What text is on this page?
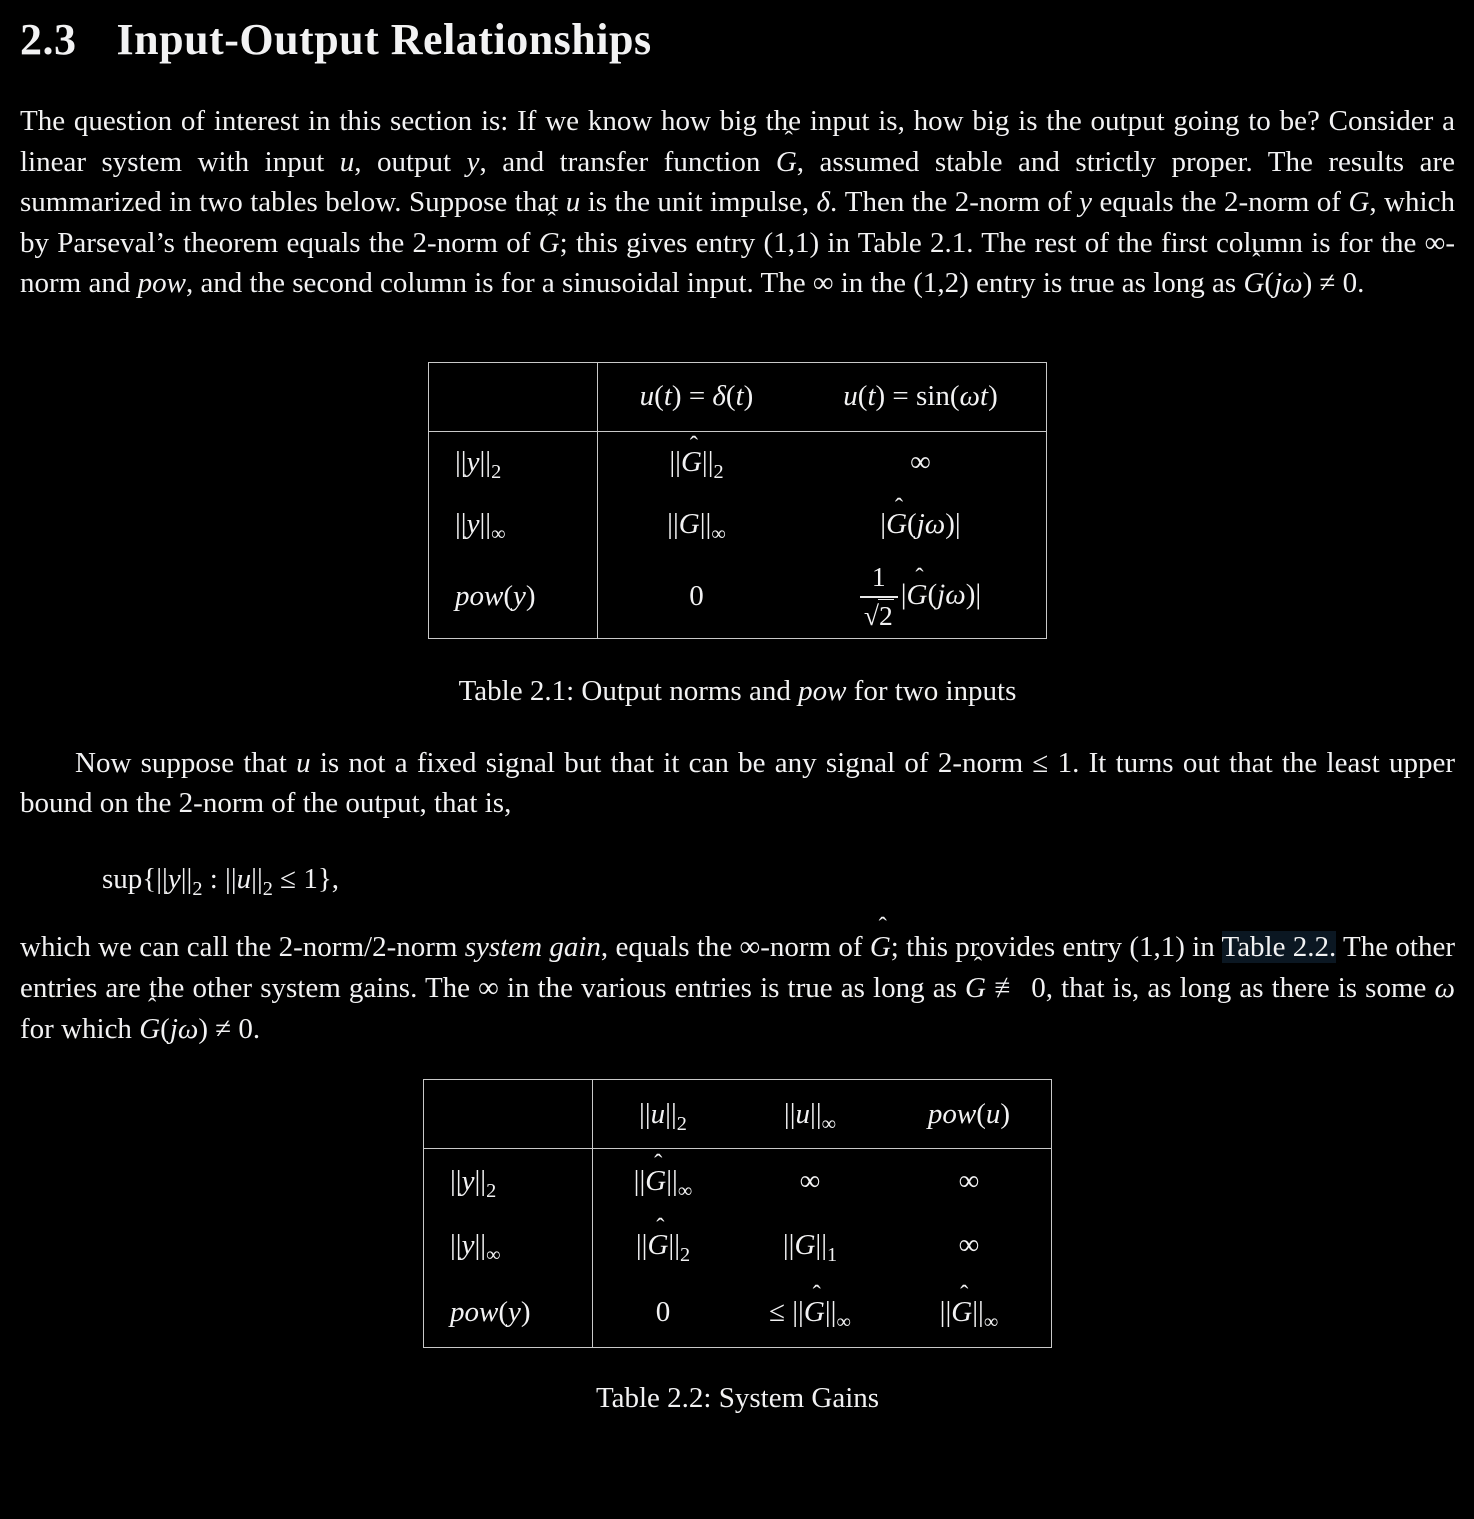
2.3 Input-Output Relationships

The question of interest in this section is: If we know how big the input is, how big is the output going to be? Consider a linear system with input u, output y, and transfer function ˆ G, assumed stable and strictly proper. The results are summarized in two tables below. Suppose that u is the unit impulse, δ. Then the 2-norm of y equals the 2-norm of G, which by Parseval’s theorem equals the 2-norm of ˆ G; this gives entry (1,1) in Table 2.1. The rest of the first column is for the ∞-norm and pow, and the second column is for a sinusoidal input. The ∞ in the (1,2) entry is true as long as ˆ G(jω) ≠ 0.

	u(t) = δ(t)	u(t) = sin(ωt)
$||y||_2$	||ˆ $G||_2$	∞
$||y||_\infty$	$||G||_\infty$	|ˆ G(jω)|
pow(y)	0	$\frac{1}{√2}$ |ˆ G(jω)|
Table 2.1: Output norms and pow for two inputs

Now suppose that u is not a fixed signal but that it can be any signal of 2-norm ≤ 1. It turns out that the least upper bound on the 2-norm of the output, that is,

$sup\{||y||_2$ : $||u||_2 \le 1$},

which we can call the 2-norm/2-norm system gain, equals the ∞-norm of ˆ G; this provides entry (1,1) in Table 2.2. The other entries are the other system gains. The ∞ in the various entries is true as long as ˆ G ≢ 0, that is, as long as there is some ω for which ˆ G(jω) ≠ 0.

	$||u||_2$	$||u||_\infty$	pow(u)
$||y||_2$	||ˆ $G||_\infty$	∞	∞
$||y||_\infty$	||ˆ $G||_2$	$||G||_1$	∞
pow(y)	0	≤ ||ˆ $G||_\infty$	||ˆ $G||_\infty$
Table 2.2: System Gains
